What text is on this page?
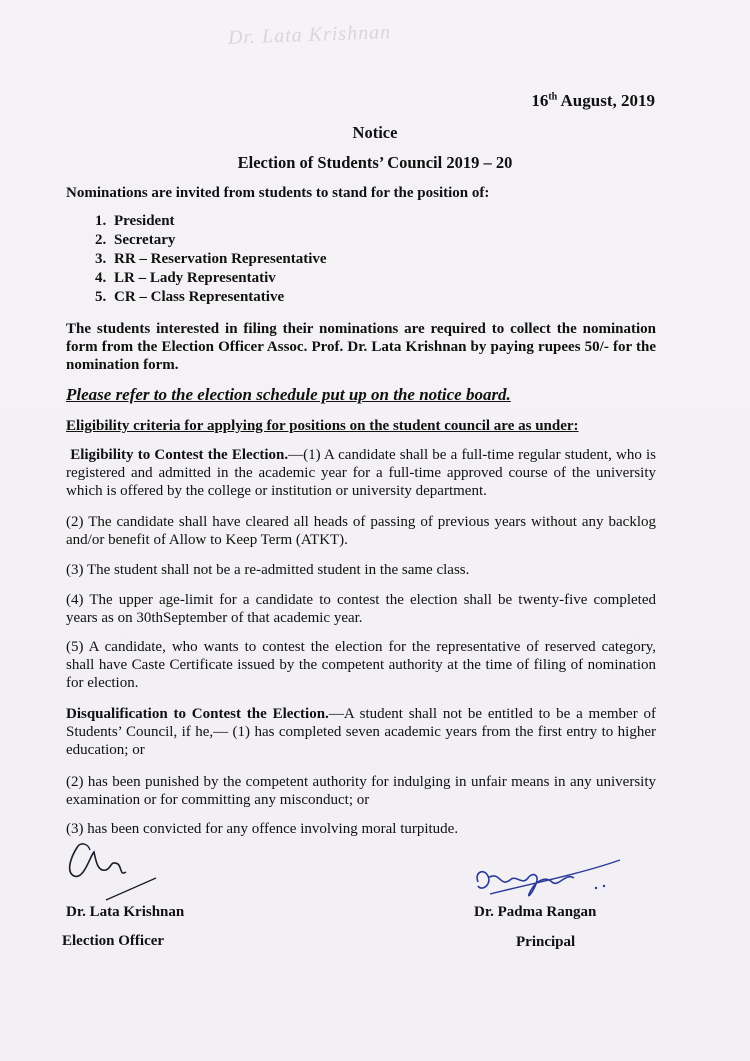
Dr. Lata Krishnan
16th August, 2019
Notice
Election of Students’ Council 2019 – 20
Nominations are invited from students to stand for the position of:
1. President
2. Secretary
3. RR – Reservation Representative
4. LR – Lady Representativ
5. CR – Class Representative

The students interested in filing their nominations are required to collect the nomination form from the Election Officer Assoc. Prof. Dr. Lata Krishnan by paying rupees 50/- for the nomination form.

Please refer to the election schedule put up on the notice board.
Eligibility criteria for applying for positions on the student council are as under:

Eligibility to Contest the Election.—(1) A candidate shall be a full-time regular student, who is registered and admitted in the academic year for a full-time approved course of the university which is offered by the college or institution or university department.

(2) The candidate shall have cleared all heads of passing of previous years without any backlog and/or benefit of Allow to Keep Term (ATKT).

(3) The student shall not be a re-admitted student in the same class.

(4) The upper age-limit for a candidate to contest the election shall be twenty-five completed years as on 30thSeptember of that academic year.

(5) A candidate, who wants to contest the election for the representative of reserved category, shall have Caste Certificate issued by the competent authority at the time of filing of nomination for election.

Disqualification to Contest the Election.—A student shall not be entitled to be a member of Students’ Council, if he,— (1) has completed seven academic years from the first entry to higher education; or

(2) has been punished by the competent authority for indulging in unfair means in any university examination or for committing any misconduct; or

(3) has been convicted for any offence involving moral turpitude.

Dr. Lata Krishnan
Election Officer
Dr. Padma Rangan
Principal
